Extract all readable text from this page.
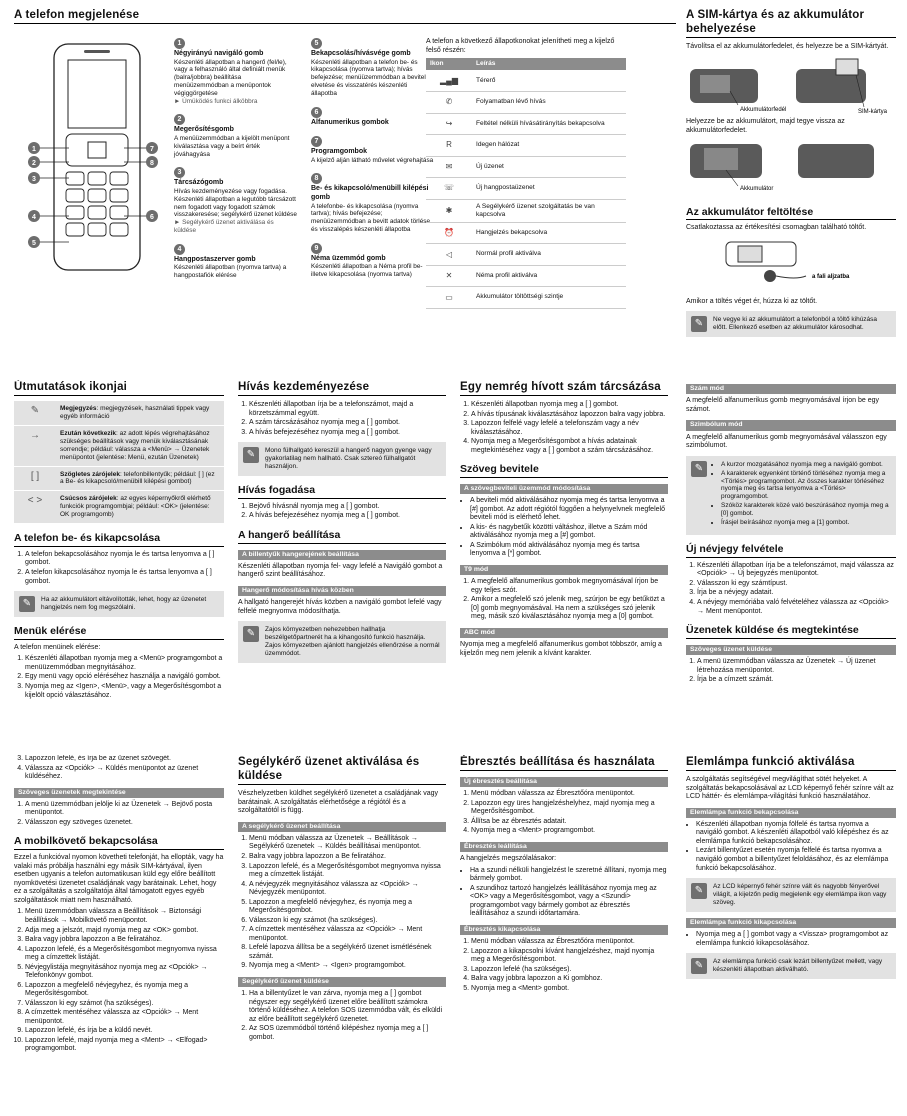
A telefon megjelenése
1
2
3
4
5
7
8
6
1
Négyirányú navigáló gomb
Készenléti állapotban a hangerő (fel/le), vagy a felhasználó által definiált menük (balra/jobbra) beállítása menüüzemmódban a menüpontok végiggörgetése
► Úmüködés funkci álköbbra
2
Megerősítésgomb
A menüüzemmódban a kijelölt menüpont kiválasztása vagy a beírt érték jóváhagyása
3
Tárcsázógomb
Hívás kezdeményezése vagy fogadása. Készenléti állapotban a legutóbb tárcsázott nem fogadott vagy fogadott számok visszakeresése; segélykérő üzenet küldése
► Segélykérő üzenet aktiválása és küldése
4
Hangpostaszerver gomb
Készenléti állapotban (nyomva tartva) a hangpostafiók elérése
5
Bekapcsolás/hívásvége gomb
Készenléti állapotban a telefon be- és kikapcsolása (nyomva tartva); hívás befejezése; menüüzemmódban a bevitel elvetése és visszatérés készenléti állapotba
6
Alfanumerikus gombok
7
Programgombok
A kijelző alján látható művelet végrehajtása
8
Be- és kikapcsoló/menübill kilépési gomb
A telefonbe- és kikapcsolása (nyomva tartva); hívás befejezése; menüüzemmódban a bevitt adatok törlése és visszalépés készenléti állapotba
9
Néma üzemmód gomb
Készenléti állapotban a Néma profil be- illetve kikapcsolása (nyomva tartva)
A telefon a következő állapotkonokat jelenítheti meg a kijelző felső részén:
Ikon	Leírás
▂▄▆	Térerő
✆	Folyamatban lévő hívás
↪	Feltétel nélküli hívásátirányítás bekapcsolva
R	Idegen hálózat
✉	Új üzenet
☏	Új hangpostaüzenet
✱	A Segélykérő üzenet szolgáltatás be van kapcsolva
⏰	Hangjelzés bekapcsolva
◁	Normál profil aktiválva
✕	Néma profil aktiválva
▭	Akkumulátor töltöttségi szintje
A SIM-kártya és az akkumulátor behelyezése
Távolítsa el az akkumulátorfedelet, és helyezze be a SIM-kártyát.
Akkumulátorfedél	SIM-kártya
Helyezze be az akkumulátort, majd tegye vissza az akkumulátorfedelet.
Akkumulátor
Az akkumulátor feltöltése
Csatlakoztassa az értékesítési csomagban található töltőt.
a fali aljzatba
Amikor a töltés véget ér, húzza ki az töltőt.
✎	Ne vegye ki az akkumulátort a telefonból a töltő kihúzása előtt. Ellenkező esetben az akkumulátor károsodhat.
Útmutatások ikonjai
✎	Megjegyzés: megjegyzések, használati tippek vagy egyéb információ
→	Ezután következik: az adott lépés végrehajtásához szükséges beállítások vagy menük kiválasztásának sorrendje; például: válassza a <Menü> → Üzenetek menüpontot (jelentése: Menü, ezután Üzenetek)
[ ]	Szögletes zárójelek: telefonbillentyűk; például: [ ] (ez a Be- és kikapcsoló/menübill kilépési gombot)
< >	Csúcsos zárójelek: az egyes képernyőkről elérhető funkciók programgombjai; például: <OK> (jelentése: OK programgomb)
A telefon be- és kikapcsolása
1. A telefon bekapcsolásához nyomja le és tartsa lenyomva a [ ] gombot.
2. A telefon kikapcsolásához nyomja le és tartsa lenyomva a [ ] gombot.
✎	Ha az akkumulátort eltávolították, lehet, hogy az üzenetet hangjelzés nem fog megszólalni.
Menük elérése
A telefon menüinek elérése:
1. Készenléti állapotban nyomja meg a <Menü> programgombot a menüüzemmódban megnyitásához.
2. Egy menü vagy opció eléréséhez használja a navigáló gombot.
3. Nyomja meg az <Igen>, <Menü>, vagy a Megerősítésgombot a kijelölt opció választásához.
Hívás kezdeményezése
1. Készenléti állapotban írja be a telefonszámot, majd a körzetszámmal együtt.
2. A szám tárcsázásához nyomja meg a [ ] gombot.
3. A hívás befejezéséhez nyomja meg a [ ] gombot.
✎	Mono fülhallgató kereszül a hangerő nagyon gyenge vagy gyakorlatilag nem hallható. Csak sztereó fülhallgatót használjon.
Hívás fogadása
1. Bejövő hívásnál nyomja meg a [ ] gombot.
2. A hívás befejezéséhez nyomja meg a [ ] gombot.
A hangerő beállítása
A billentyűk hangerejének beállítása
Készenléti állapotban nyomja fel- vagy lefelé a Navigáló gombot a hangerő szint beállításához.
Hangerő módosítása hívás közben
A hallgató hangerejét hívás közben a navigáló gombot lefelé vagy felfelé megnyomva módosíthatja.
✎	Zajos környezetben nehezebben hallhatja beszélgetőpartnerét ha a kihangosító funkció használja. Zajos környezetben ajánlott hangjelzés ellenőrzése a normál üzemmódot.
Egy nemrég hívott szám tárcsázása
1. Készenléti állapotban nyomja meg a [ ] gombot.
2. A hívás típusának kiválasztásához lapozzon balra vagy jobbra.
3. Lapozzon felfelé vagy lefelé a telefonszám vagy a név kiválasztásához.
4. Nyomja meg a Megerősítésgombot a hívás adatainak megtekintéséhez vagy a [ ] gombot a szám tárcsázásához.
Szöveg bevitele
A szövegbeviteli üzemmód módosítása
• A beviteli mód aktiválásához nyomja meg és tartsa lenyomva a [#] gombot. Az adott régiótól függően a helynyelvnek megfelelő beviteli mód is elérhető lehet.
• A kis- és nagybetűk közötti váltáshoz, illetve a Szám mód aktiválásához nyomja meg a [#] gombot.
• A Szimbólum mód aktiválásához nyomja meg és tartsa lenyomva a [*] gombot.
T9 mód
1. A megfelelő alfanumerikus gombok megnyomásával írjon be egy teljes szót.
2. Amikor a megfelelő szó jelenik meg, szúrjon be egy betűközt a [0] gomb megnyomásával. Ha nem a szükséges szó jelenik meg, másik szó kiválasztásához nyomja meg a [0] gombot.
ABC mód
Nyomja meg a megfelelő alfanumerikus gombot többször, amíg a kijelzőn meg nem jelenik a kívánt karakter.
Szám mód
A megfelelő alfanumerikus gomb megnyomásával írjon be egy számot.
Szimbólum mód
A megfelelő alfanumerikus gomb megnyomásával válasszon egy szimbólumot.
✎	• A kurzor mozgatásához nyomja meg a navigáló gombot.
• A karakterek egyenként történő törléséhez nyomja meg a <Törlés> programgombot. Az összes karakter törléséhez nyomja meg és tartsa lenyomva a <Törlés> programgombot.
• Szóköz karakterek közé való beszúrásához nyomja meg a [0] gombot.
• Írásjel beírásához nyomja meg a [1] gombot.
Új névjegy felvétele
1. Készenléti állapotban írja be a telefonszámot, majd válassza az <Opciók> → Új bejegyzés menüpontot.
2. Válasszon ki egy számtípust.
3. Írja be a névjegy adatait.
4. A névjegy memóriába való felvételéhez válassza az <Opciók> → Ment menüpontot.
Üzenetek küldése és megtekintése
Szöveges üzenet küldése
1. A menü üzemmódban válassza az Üzenetek → Új üzenet létrehozása menüpontot.
2. Írja be a címzett számát.
3. Lapozzon lefelé, és írja be az üzenet szövegét.
4. Válassza az <Opciók> → Küldés menüpontot az üzenet küldéséhez.
Szöveges üzenetek megtekintése
1. A menü üzemmódban jelölje ki az Üzenetek → Bejövő posta menüpontot.
2. Válasszon egy szöveges üzenetet.
A mobilkövető bekapcsolása
Ezzel a funkcióval nyomon követheti telefonját, ha ellopták, vagy ha valaki más próbálja használni egy másik SIM-kártyával, ilyen esetben ugyanis a telefon automatikusan küld egy előre beállított nyomkövetési üzenetet családjának vagy barátainak. Lehet, hogy ez a szolgáltatás a szolgáltatója által támogatott egyes egyéb szolgáltatások miatt nem használható.
1. Menü üzemmódban válassza a Beállítások → Biztonsági beállítások → Mobilkövető menüpontot.
2. Adja meg a jelszót, majd nyomja meg az <OK> gombot.
3. Balra vagy jobbra lapozzon a Be feliratához.
4. Lapozzon lefelé, és a Megerősítésgombot megnyomva nyissa meg a címzettek listáját.
5. Névjegylistája megnyitásához nyomja meg az <Opciók> → Telefonkönyv gombot.
6. Lapozzon a megfelelő névjegyhez, és nyomja meg a Megerősítésgombot.
7. Válasszon ki egy számot (ha szükséges).
8. A címzettek mentéséhez válassza az <Opciók> → Ment menüpontot.
9. Lapozzon lefelé, és írja be a küldő nevét.
10. Lapozzon lefelé, majd nyomja meg a <Ment> → <Elfogad> programgombot.
Segélykérő üzenet aktiválása és küldése
Vészhelyzetben küldhet segélykérő üzenetet a családjának vagy barátainak. A szolgáltatás elérhetősége a régiótól és a szolgáltatótól is függ.
A segélykérő üzenet beállítása
1. Menü módban válassza az Üzenetek → Beállítások → Segélykérő üzenetek → Küldés beállításai menüpontot.
2. Balra vagy jobbra lapozzon a Be feliratához.
3. Lapozzon lefelé, és a Megerősítésgombot megnyomva nyissa meg a címzettek listáját.
4. A névjegyzék megnyitásához válassza az <Opciók> → Névjegyzék menüpontot.
5. Lapozzon a megfelelő névjegyhez, és nyomja meg a Megerősítésgombot.
6. Válasszon ki egy számot (ha szükséges).
7. A címzettek mentéséhez válassza az <Opciók> → Ment menüpontot.
8. Lefelé lapozva állítsa be a segélykérő üzenet ismétlésének számát.
9. Nyomja meg a <Ment> → <Igen> programgombot.
Segélykérő üzenet küldése
1. Ha a billentyűzet le van zárva, nyomja meg a [ ] gombot négyszer egy segélykérő üzenet előre beállított számokra történő küldéséhez. A telefon SOS üzemmódba vált, és elküldi az előre beállított segélykérő üzenetet.
2. Az SOS üzemmódból történő kilépéshez nyomja meg a [ ] gombot.
Ébresztés beállítása és használata
Új ébresztés beállítása
1. Menü módban válassza az Ébresztőóra menüpontot.
2. Lapozzon egy üres hangjelzéshelyhez, majd nyomja meg a Megerősítésgombot.
3. Állítsa be az ébresztés adatait.
4. Nyomja meg a <Ment> programgombot.
Ébresztés leállítása
A hangjelzés megszólalásakor:
• Ha a szundi nélküli hangjelzést le szeretné állítani, nyomja meg bármely gombot.
• A szundihoz tartozó hangjelzés leállításához nyomja meg az <OK> vagy a Megerősítésgombot, vagy a <Szundi> programgombot vagy bármely gombot az ébresztés leállításához a szundi időtartamára.
Ébresztés kikapcsolása
1. Menü módban válassza az Ébresztőóra menüpontot.
2. Lapozzon a kikapcsolni kívánt hangjelzéshez, majd nyomja meg a Megerősítésgombot.
3. Lapozzon lefelé (ha szükséges).
4. Balra vagy jobbra lapozzon a Ki gombhoz.
5. Nyomja meg a <Ment> gombot.
Elemlámpa funkció aktiválása
A szolgáltatás segítségével megvilágíthat sötét helyeket. A szolgáltatás bekapcsolásával az LCD képernyő fehér színre vált az LCD háttér- és elemlámpa-világítási funkció használatához.
Elemlámpa funkció bekapcsolása
• Készenléti állapotban nyomja fölfelé és tartsa nyomva a navigáló gombot. A készenléti állapotból való kilépéshez és az elemlámpa funkció bekapcsolásához.
• Lezárt billentyűzet esetén nyomja felfelé és tartsa nyomva a navigáló gombot a billentyűzet feloldásához, és az elemlámpa funkció bekapcsolásához.
✎	Az LCD képernyő fehér színre vált és nagyobb fényerővel világít, a kijelzőn pedig megjelenik egy elemlámpa ikon vagy szöveg.
Elemlámpa funkció kikapcsolása
• Nyomja meg a [ ] gombot vagy a <Vissza> programgombot az elemlámpa funkció kikapcsolásához.
✎	Az elemlámpa funkció csak lezárt billentyűzet mellett, vagy készenléti állapotban aktiválható.
